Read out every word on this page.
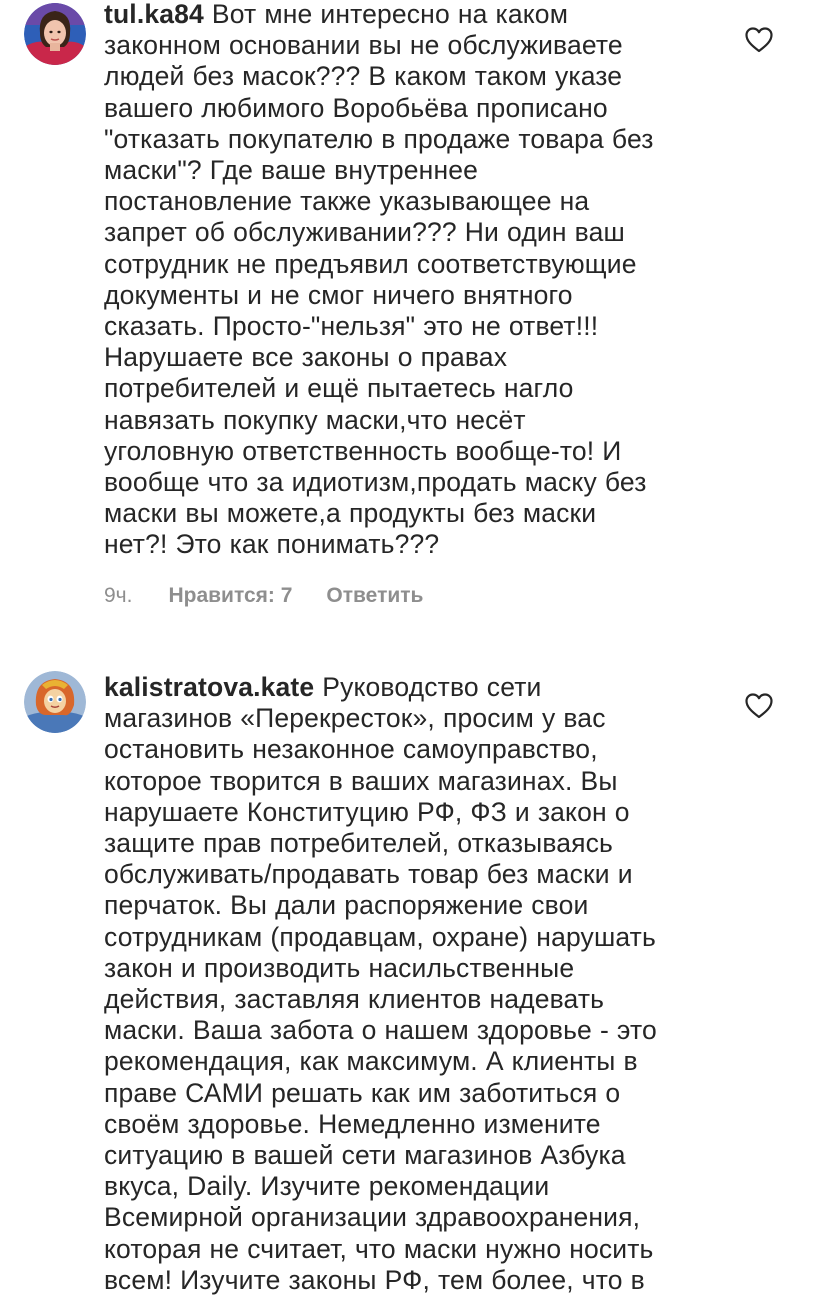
tul.ka84 Вот мне интересно на каком
законном основании вы не обслуживаете
людей без масок??? В каком таком указе
вашего любимого Воробьёва прописано
"отказать покупателю в продаже товара без
маски"? Где ваше внутреннее
постановление также указывающее на
запрет об обслуживании??? Ни один ваш
сотрудник не предъявил соответствующие
документы и не смог ничего внятного
сказать. Просто-"нельзя" это не ответ!!!
Нарушаете все законы о правах
потребителей и ещё пытаетесь нагло
навязать покупку маски,что несёт
уголовную ответственность вообще-то! И
вообще что за идиотизм,продать маску без
маски вы можете,а продукты без маски
нет?! Это как понимать???

9ч. Нравится: 7 Ответить

kalistratova.kate Руководство сети
магазинов «Перекресток», просим у вас
остановить незаконное самоуправство,
которое творится в ваших магазинах. Вы
нарушаете Конституцию РФ, ФЗ и закон о
защите прав потребителей, отказываясь
обслуживать/продавать товар без маски и
перчаток. Вы дали распоряжение свои
сотрудникам (продавцам, охране) нарушать
закон и производить насильственные
действия, заставляя клиентов надевать
маски. Ваша забота о нашем здоровье - это
рекомендация, как максимум. А клиенты в
праве САМИ решать как им заботиться о
своём здоровье. Немедленно измените
ситуацию в вашей сети магазинов Азбука
вкуса, Daily. Изучите рекомендации
Всемирной организации здравоохранения,
которая не считает, что маски нужно носить
всем! Изучите законы РФ, тем более, что в
